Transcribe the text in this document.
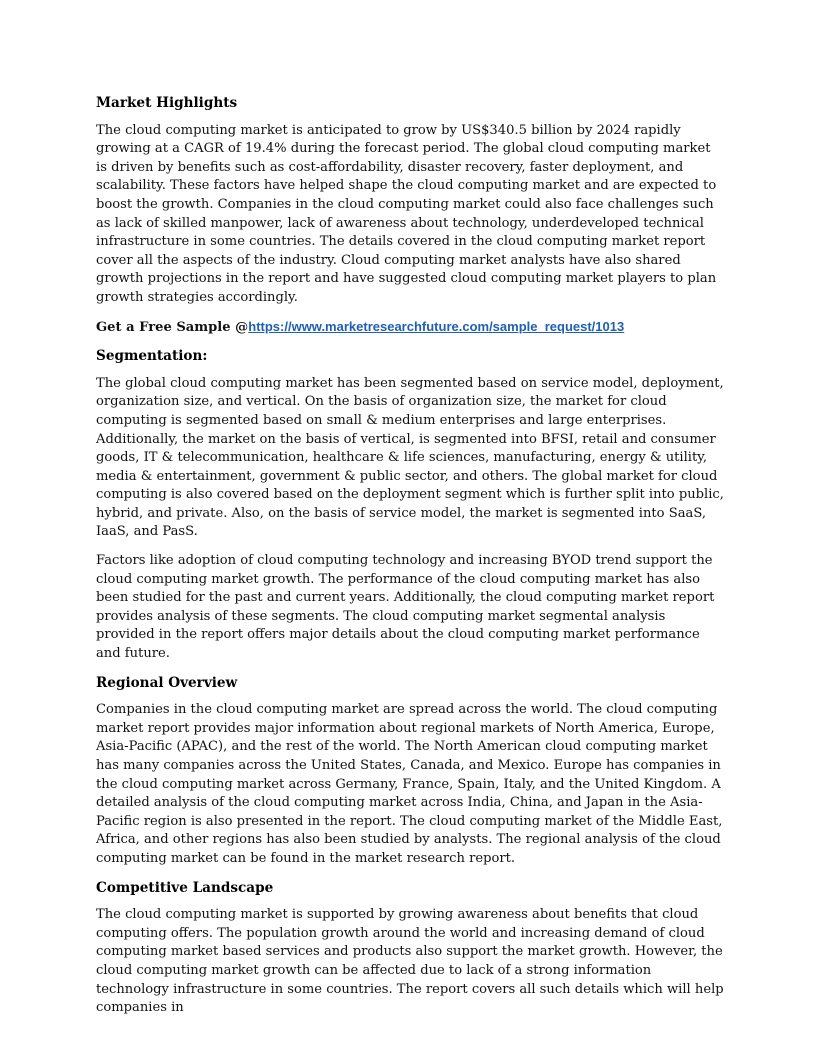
Market Highlights

The cloud computing market is anticipated to grow by US$340.5 billion by 2024 rapidly growing at a CAGR of 19.4% during the forecast period. The global cloud computing market is driven by benefits such as cost-affordability, disaster recovery, faster deployment, and scalability. These factors have helped shape the cloud computing market and are expected to boost the growth. Companies in the cloud computing market could also face challenges such as lack of skilled manpower, lack of awareness about technology, underdeveloped technical infrastructure in some countries. The details covered in the cloud computing market report cover all the aspects of the industry. Cloud computing market analysts have also shared growth projections in the report and have suggested cloud computing market players to plan growth strategies accordingly.

Get a Free Sample @https://www.marketresearchfuture.com/sample_request/1013
Segmentation:

The global cloud computing market has been segmented based on service model, deployment, organization size, and vertical. On the basis of organization size, the market for cloud computing is segmented based on small & medium enterprises and large enterprises. Additionally, the market on the basis of vertical, is segmented into BFSI, retail and consumer goods, IT & telecommunication, healthcare & life sciences, manufacturing, energy & utility, media & entertainment, government & public sector, and others. The global market for cloud computing is also covered based on the deployment segment which is further split into public, hybrid, and private. Also, on the basis of service model, the market is segmented into SaaS, IaaS, and PasS.

Factors like adoption of cloud computing technology and increasing BYOD trend support the cloud computing market growth. The performance of the cloud computing market has also been studied for the past and current years. Additionally, the cloud computing market report provides analysis of these segments. The cloud computing market segmental analysis provided in the report offers major details about the cloud computing market performance and future.

Regional Overview

Companies in the cloud computing market are spread across the world. The cloud computing market report provides major information about regional markets of North America, Europe, Asia-Pacific (APAC), and the rest of the world. The North American cloud computing market has many companies across the United States, Canada, and Mexico. Europe has companies in the cloud computing market across Germany, France, Spain, Italy, and the United Kingdom. A detailed analysis of the cloud computing market across India, China, and Japan in the Asia-Pacific region is also presented in the report. The cloud computing market of the Middle East, Africa, and other regions has also been studied by analysts. The regional analysis of the cloud computing market can be found in the market research report.

Competitive Landscape

The cloud computing market is supported by growing awareness about benefits that cloud computing offers. The population growth around the world and increasing demand of cloud computing market based services and products also support the market growth. However, the cloud computing market growth can be affected due to lack of a strong information technology infrastructure in some countries. The report covers all such details which will help companies in
